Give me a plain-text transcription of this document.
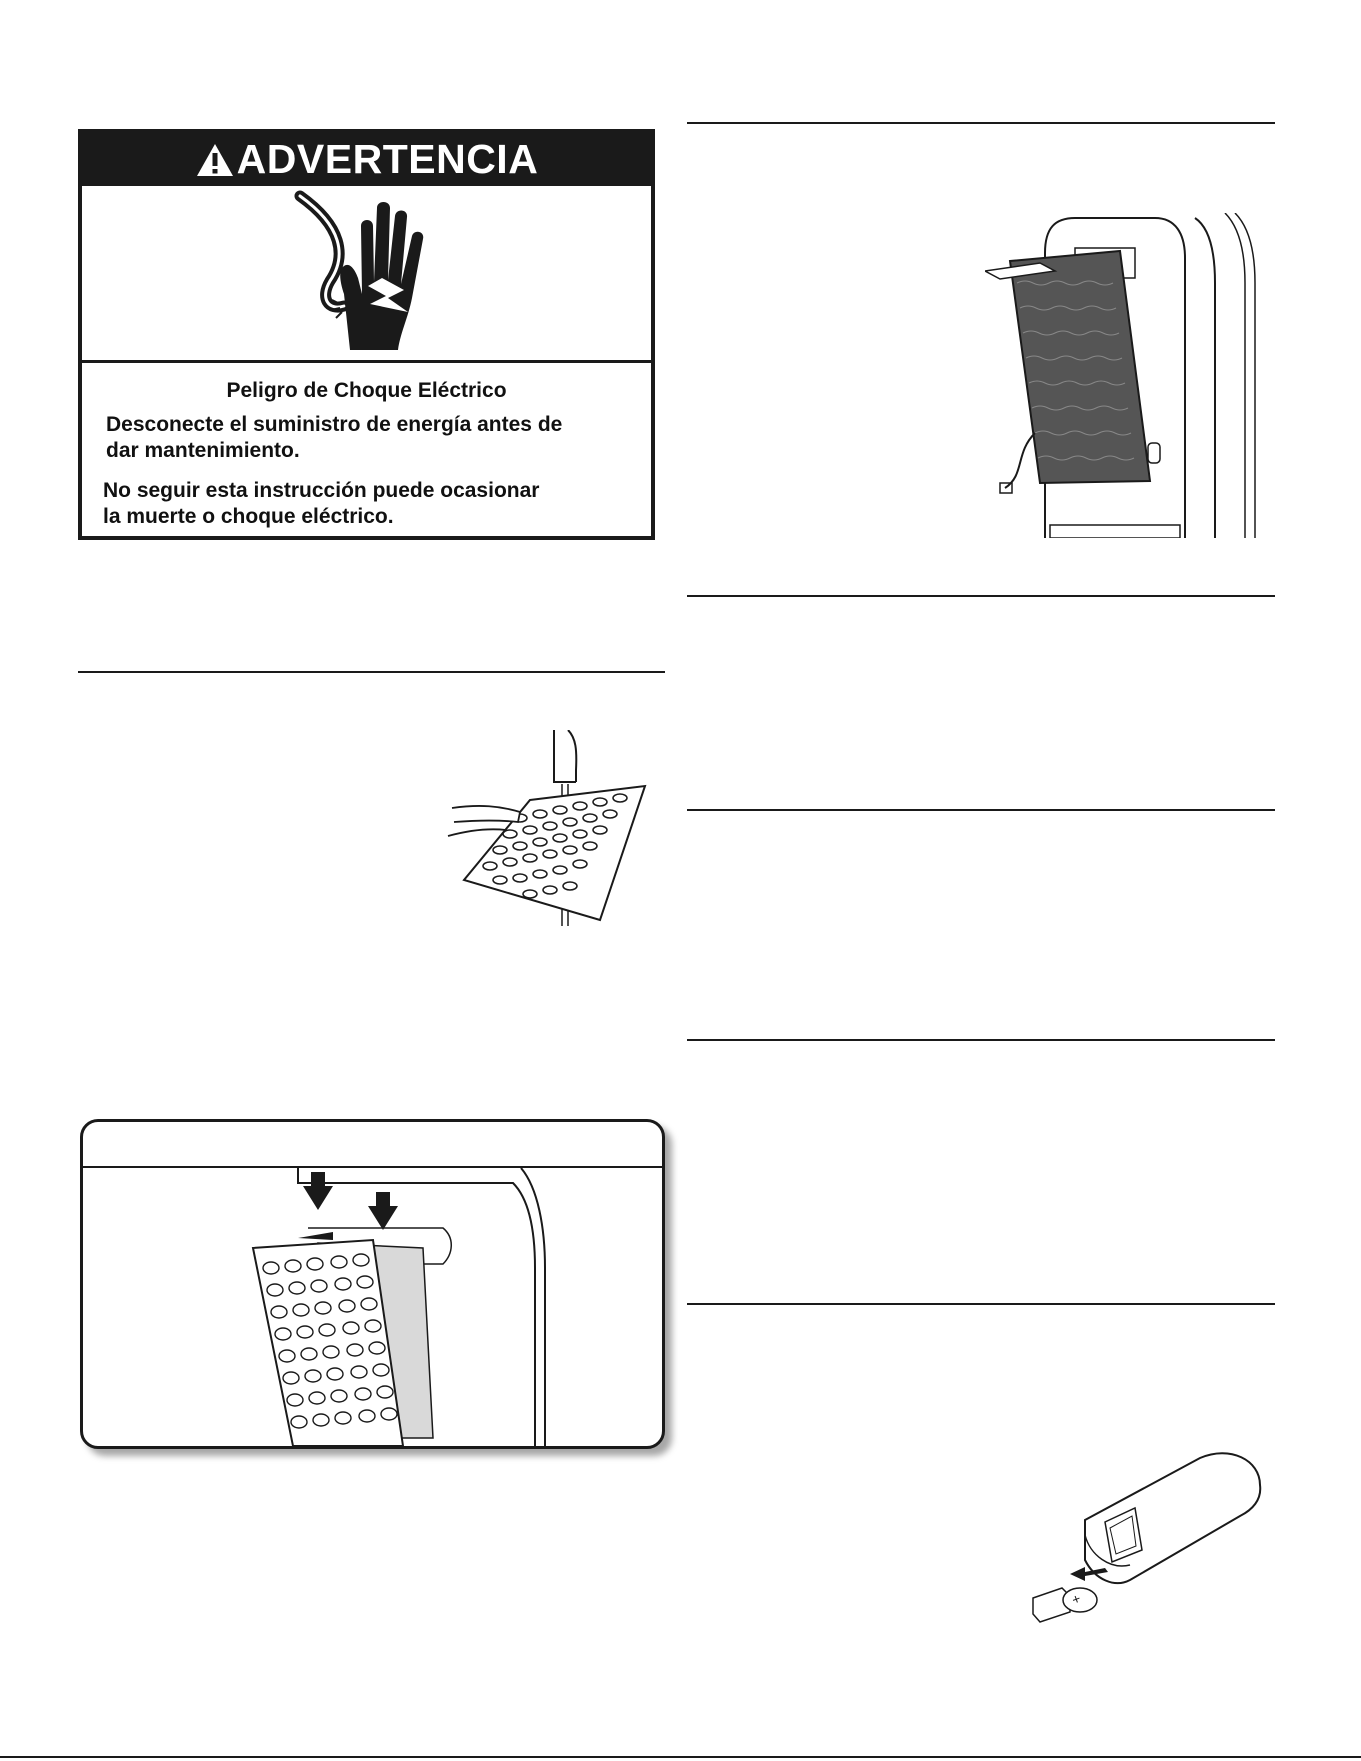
ADVERTENCIA
Peligro de Choque Eléctrico
Desconecte el suministro de energía antes de
dar mantenimiento.
No seguir esta instrucción puede ocasionar
la muerte o choque eléctrico.
+
